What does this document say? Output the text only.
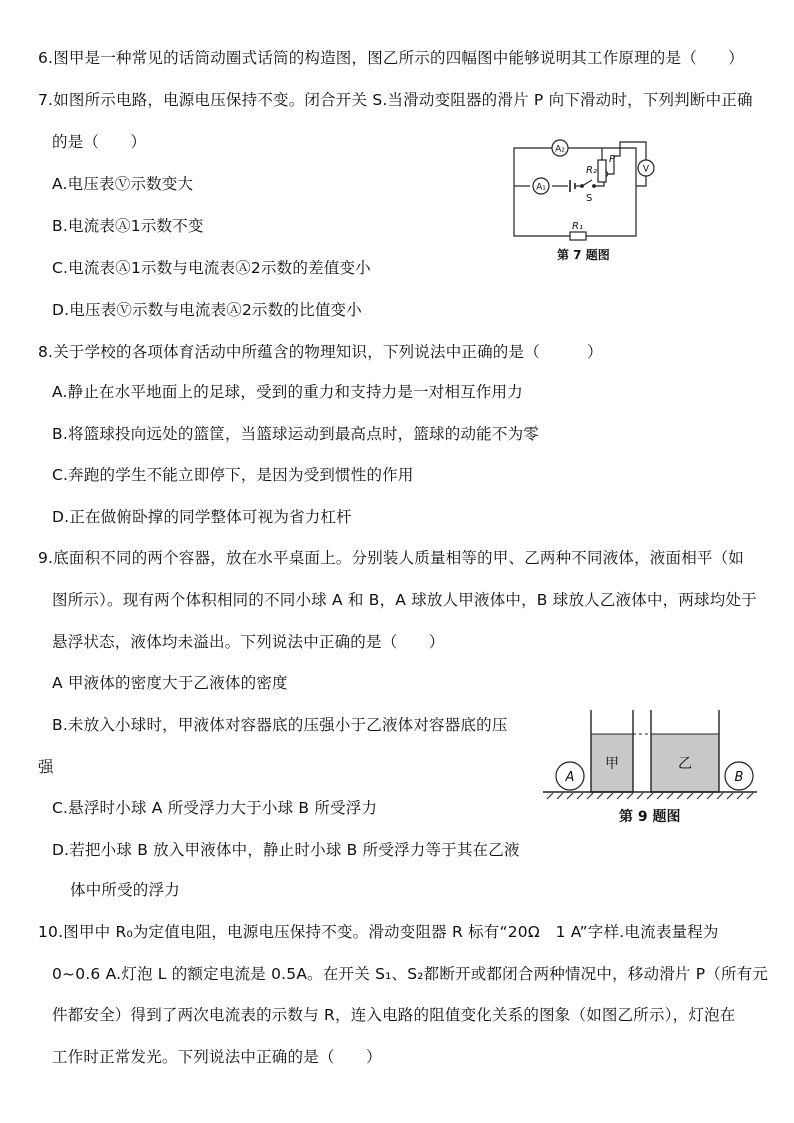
6.图甲是一种常见的话筒动圈式话筒的构造图，图乙所示的四幅图中能够说明其工作原理的是（　　）
7.如图所示电路，电源电压保持不变。闭合开关 S.当滑动变阻器的滑片 P 向下滑动时，下列判断中正确
的是（　　）
A.电压表Ⓥ示数变大
B.电流表Ⓐ1示数不变
C.电流表Ⓐ1示数与电流表Ⓐ2示数的差值变小
D.电压表Ⓥ示数与电流表Ⓐ2示数的比值变小
A₂
A₁
V
R₂
P
S
R₁
第 7 题图
8.关于学校的各项体育活动中所蕴含的物理知识，下列说法中正确的是（　　　）
A.静止在水平地面上的足球，受到的重力和支持力是一对相互作用力
B.将篮球投向远处的篮筐，当篮球运动到最高点时，篮球的动能不为零
C.奔跑的学生不能立即停下，是因为受到惯性的作用
D.正在做俯卧撑的同学整体可视为省力杠杆
9.底面积不同的两个容器，放在水平桌面上。分别装人质量相等的甲、乙两种不同液体，液面相平（如
图所示）。现有两个体积相同的不同小球 A 和 B，A 球放人甲液体中，B 球放人乙液体中，两球均处于
悬浮状态，液体均未溢出。下列说法中正确的是（　　）
A 甲液体的密度大于乙液体的密度
B.未放入小球时，甲液体对容器底的压强小于乙液体对容器底的压
强
C.悬浮时小球 A 所受浮力大于小球 B 所受浮力
D.若把小球 B 放入甲液体中，静止时小球 B 所受浮力等于其在乙液
体中所受的浮力
甲	乙
A	B
第 9 题图
10.图甲中 R₀为定值电阻，电源电压保持不变。滑动变阻器 R 标有“20Ω　1 A”字样.电流表量程为
0~0.6 A.灯泡 L 的额定电流是 0.5A。在开关 S₁、S₂都断开或都闭合两种情况中，移动滑片 P（所有元
件都安全）得到了两次电流表的示数与 R，连入电路的阻值变化关系的图象（如图乙所示），灯泡在
工作时正常发光。下列说法中正确的是（　　）
